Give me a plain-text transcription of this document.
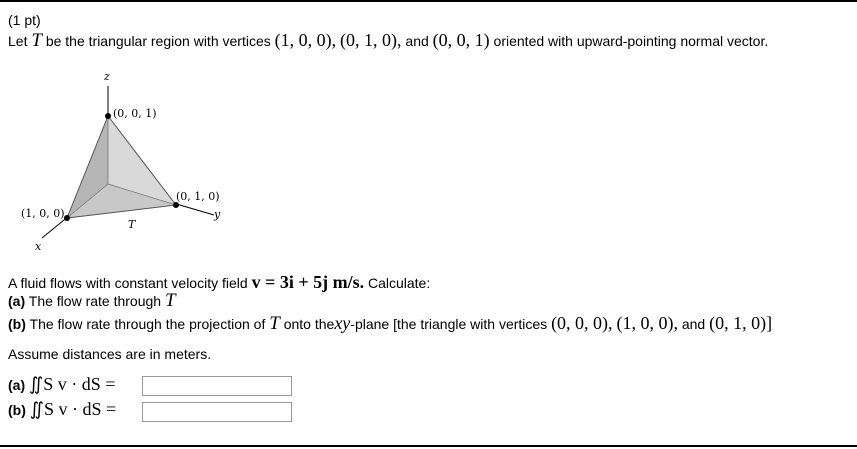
(1 pt)
Let T be the triangular region with vertices (1, 0, 0), (0, 1, 0), and (0, 0, 1) oriented with upward-pointing normal vector.
z
y
x
(0, 0, 1)
(0, 1, 0)
(1, 0, 0)
T
A fluid flows with constant velocity field v = 3i + 5j m/s. Calculate:
(a) The flow rate through T
(b) The flow rate through the projection of T onto thexy-plane [the triangle with vertices (0, 0, 0), (1, 0, 0), and (0, 1, 0)]
Assume distances are in meters.
(a) ∬S v · dS =
(b) ∬S v · dS =
